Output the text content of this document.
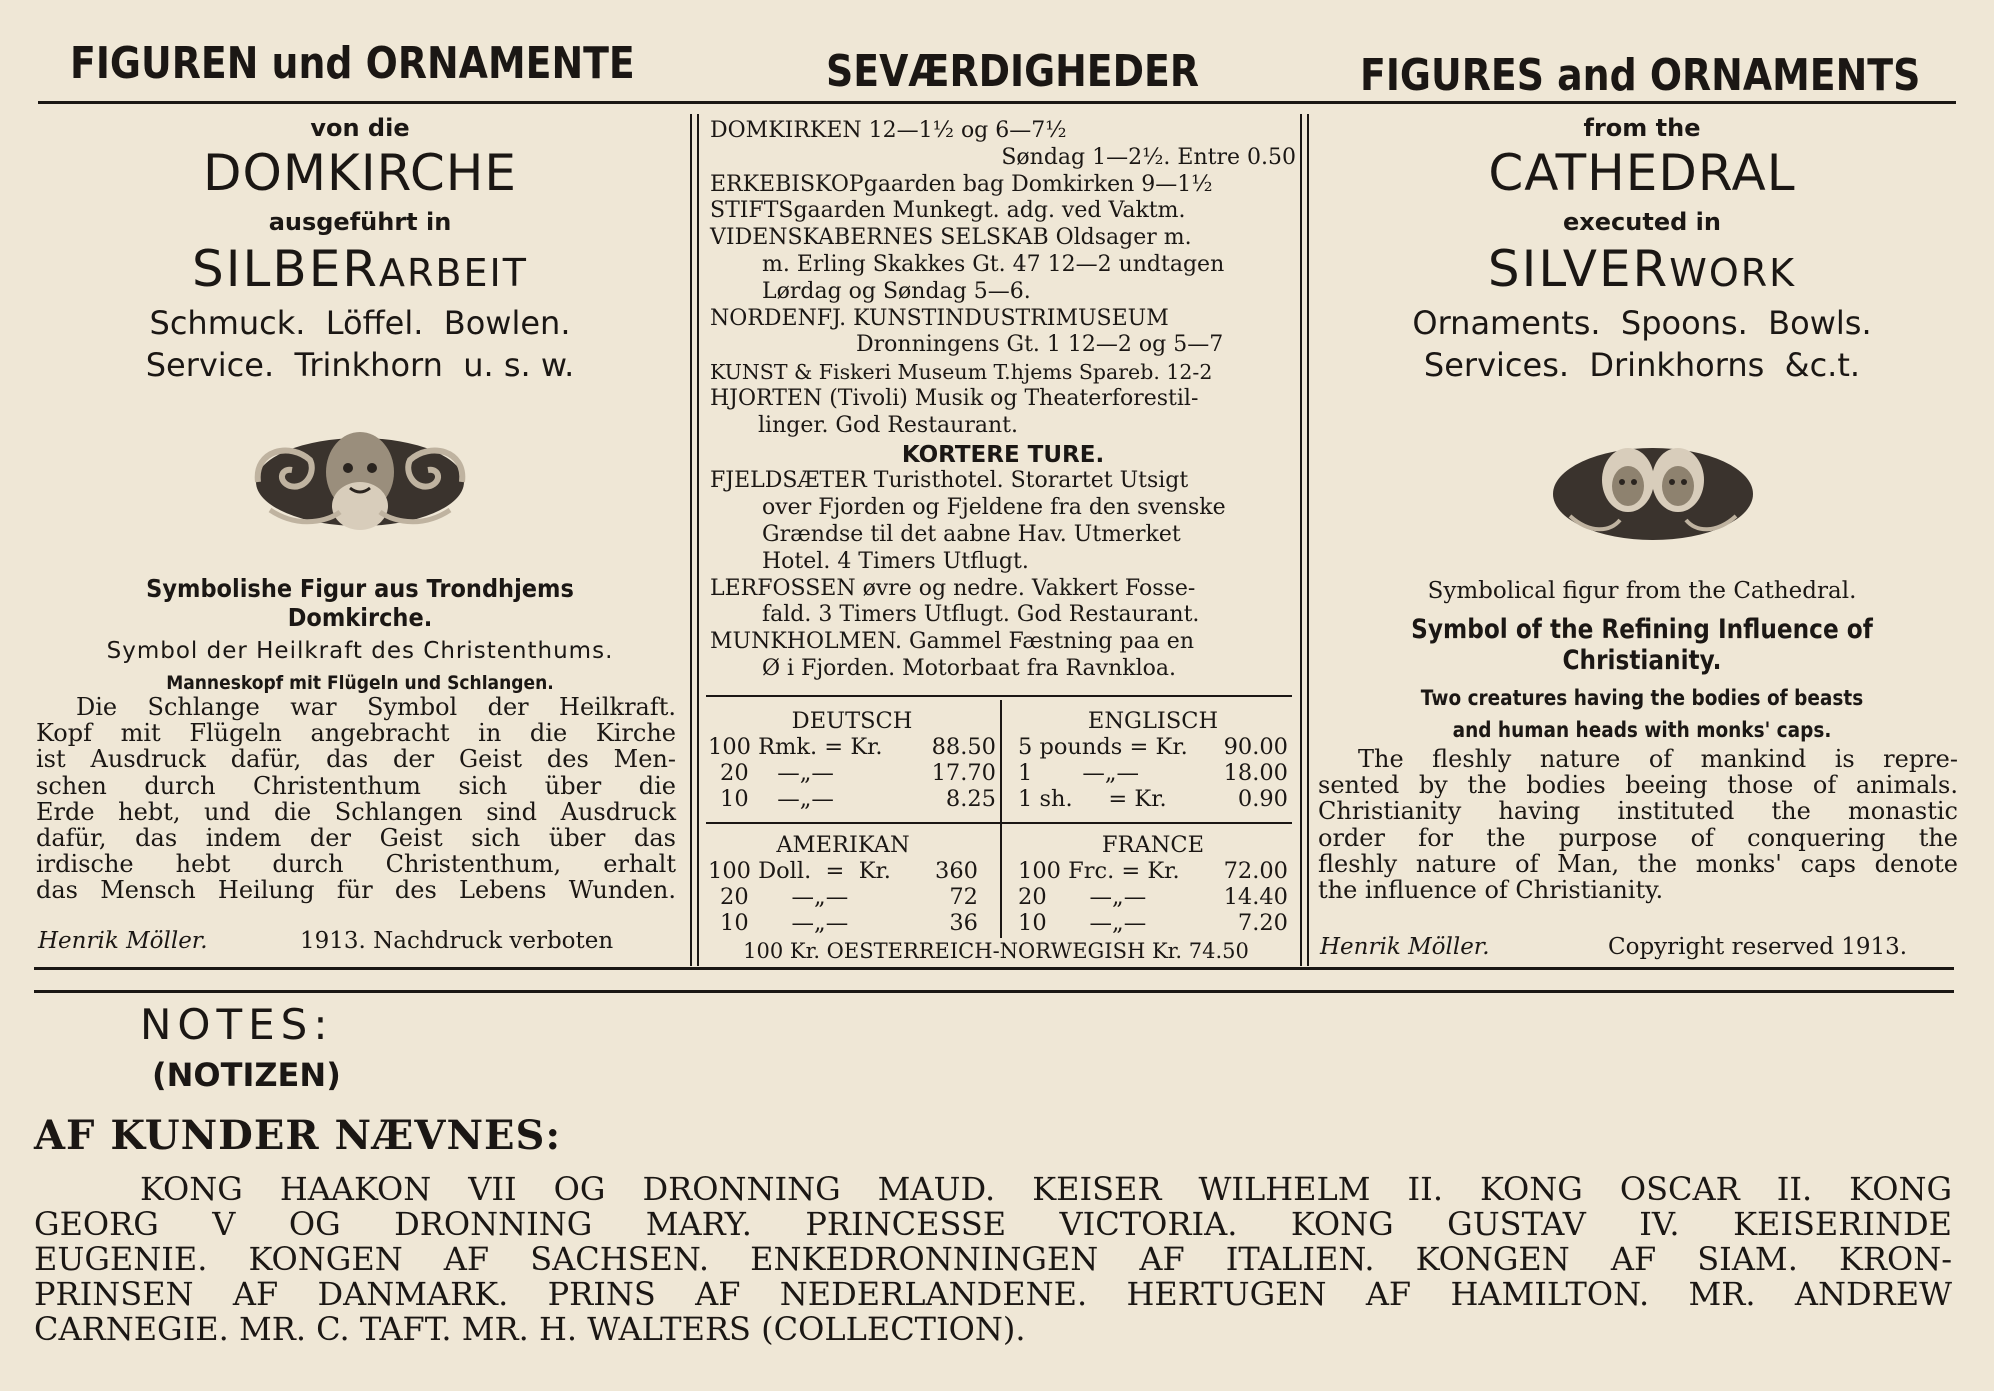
FIGUREN und ORNAMENTE	SEVÆRDIGHEDER	FIGURES and ORNAMENTS
von die
DOMKIRCHE
ausgeführt in
SILBERARBEIT
Schmuck.  Löffel.  Bowlen.
Service.  Trinkhorn  u. s. w.
Symbolishe Figur aus Trondhjems Domkirche.
Symbol der Heilkraft des Christenthums.
Manneskopf mit Flügeln und Schlangen.
Die Schlange war Symbol der Heilkraft.
Kopf mit Flügeln angebracht in die Kirche
ist Ausdruck dafür, das der Geist des Men-
schen durch Christenthum sich über die
Erde hebt, und die Schlangen sind Ausdruck
dafür, das indem der Geist sich über das
irdische hebt durch Christenthum, erhalt
das Mensch Heilung für des Lebens Wunden.
Henrik Möller.	1913. Nachdruck verboten
DOMKIRKEN 12—1½ og 6—7½
Søndag 1—2½. Entre 0.50
ERKEBISKOPgaarden bag Domkirken 9—1½
STIFTSgaarden Munkegt. adg. ved Vaktm.
VIDENSKABERNES SELSKAB Oldsager m.
m. Erling Skakkes Gt. 47 12—2 undtagen
Lørdag og Søndag 5—6.
NORDENFJ. KUNSTINDUSTRIMUSEUM
Dronningens Gt. 1 12—2 og 5—7
KUNST & Fiskeri Museum T.hjems Spareb. 12-2
HJORTEN (Tivoli) Musik og Theaterforestil-
linger. God Restaurant.
KORTERE TURE.
FJELDSÆTER Turisthotel. Storartet Utsigt
over Fjorden og Fjeldene fra den svenske
Grændse til det aabne Hav. Utmerket
Hotel. 4 Timers Utflugt.
LERFOSSEN øvre og nedre. Vakkert Fosse-
fald. 3 Timers Utflugt. God Restaurant.
MUNKHOLMEN. Gammel Fæstning paa en
Ø i Fjorden. Motorbaat fra Ravnkloa.
DEUTSCH
100 Rmk. = Kr. 88.50
20    —„—	17.70
10    —„—	8.25
ENGLISCH
5 pounds = Kr. 90.00
1       —„—	18.00
1 sh.     = Kr.	0.90
AMERIKAN
100 Doll.  =  Kr. 360
20      —„—	72
10      —„—	36
FRANCE
100 Frc. = Kr. 72.00
20      —„—	14.40
10      —„—	7.20
100 Kr. OESTERREICH-NORWEGISH Kr. 74.50
from the
CATHEDRAL
executed in
SILVERWORK
Ornaments.  Spoons.  Bowls.
Services.  Drinkhorns  &c.t.
Symbolical figur from the Cathedral.
Symbol of the Refining Influence of Christianity.
Two creatures having the bodies of beasts
and human heads with monks' caps.
The fleshly nature of mankind is repre-
sented by the bodies beeing those of animals.
Christianity having instituted the monastic
order for the purpose of conquering the
fleshly nature of Man, the monks' caps denote
the influence of Christianity.
Henrik Möller.	Copyright reserved 1913.
NOTES:
(NOTIZEN)
AF KUNDER NÆVNES:
KONG HAAKON VII OG DRONNING MAUD. KEISER WILHELM II. KONG OSCAR II. KONG
GEORG V OG DRONNING MARY. PRINCESSE VICTORIA. KONG GUSTAV IV. KEISERINDE
EUGENIE. KONGEN AF SACHSEN. ENKEDRONNINGEN AF ITALIEN. KONGEN AF SIAM. KRON-
PRINSEN AF DANMARK. PRINS AF NEDERLANDENE. HERTUGEN AF HAMILTON. MR. ANDREW
CARNEGIE. MR. C. TAFT. MR. H. WALTERS (COLLECTION).
